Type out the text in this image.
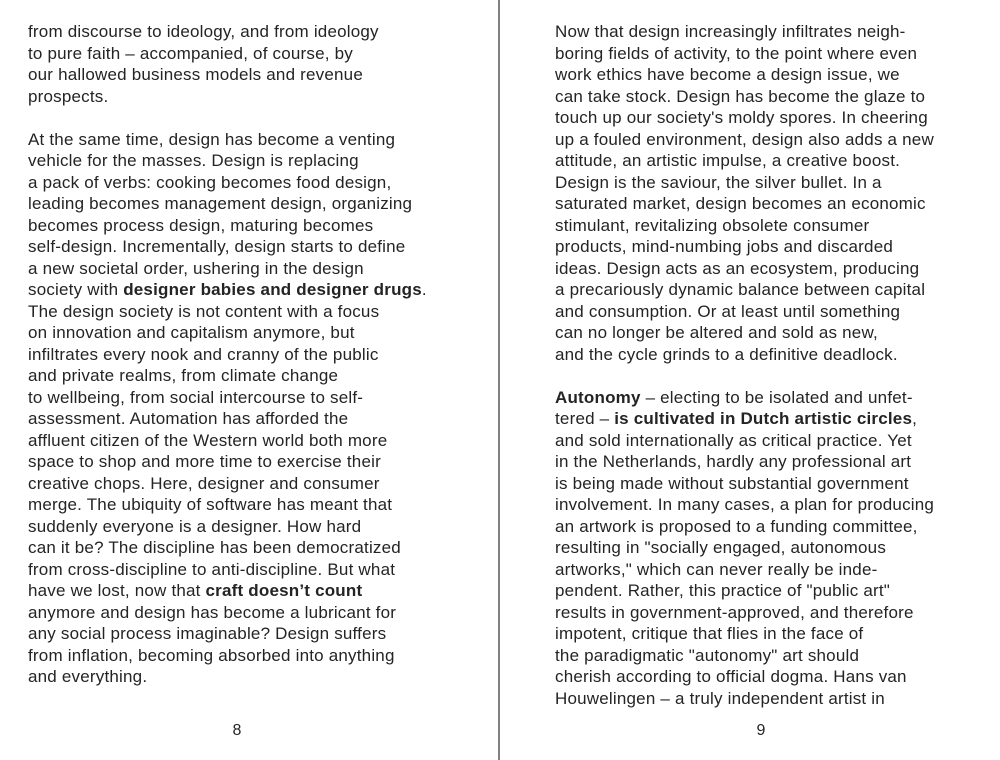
from discourse to ideology, and from ideology
to pure faith – accompanied, of course, by
our hallowed business models and revenue
prospects.

At the same time, design has become a venting
vehicle for the masses. Design is replacing
a pack of verbs: cooking becomes food design,
leading becomes management design, organizing
becomes process design, maturing becomes
self-design. Incrementally, design starts to define
a new societal order, ushering in the design
society with designer babies and designer drugs.
The design society is not content with a focus
on innovation and capitalism anymore, but
infiltrates every nook and cranny of the public
and private realms, from climate change
to wellbeing, from social intercourse to self-
assessment. Automation has afforded the
affluent citizen of the Western world both more
space to shop and more time to exercise their
creative chops. Here, designer and consumer
merge. The ubiquity of software has meant that
suddenly everyone is a designer. How hard
can it be? The discipline has been democratized
from cross-discipline to anti-discipline. But what
have we lost, now that craft doesn’t count
anymore and design has become a lubricant for
any social process imaginable? Design suffers
from inflation, becoming absorbed into anything
and everything.
8
Now that design increasingly infiltrates neigh-
boring fields of activity, to the point where even
work ethics have become a design issue, we
can take stock. Design has become the glaze to
touch up our society's moldy spores. In cheering
up a fouled environment, design also adds a new
attitude, an artistic impulse, a creative boost.
Design is the saviour, the silver bullet. In a
saturated market, design becomes an economic
stimulant, revitalizing obsolete consumer
products, mind-numbing jobs and discarded
ideas. Design acts as an ecosystem, producing
a precariously dynamic balance between capital
and consumption. Or at least until something
can no longer be altered and sold as new,
and the cycle grinds to a definitive deadlock.

Autonomy – electing to be isolated and unfet-
tered – is cultivated in Dutch artistic circles,
and sold internationally as critical practice. Yet
in the Netherlands, hardly any professional art
is being made without substantial government
involvement. In many cases, a plan for producing
an artwork is proposed to a funding committee,
resulting in "socially engaged, autonomous
artworks," which can never really be inde-
pendent. Rather, this practice of "public art"
results in government-approved, and therefore
impotent, critique that flies in the face of
the paradigmatic "autonomy" art should
cherish according to official dogma. Hans van
Houwelingen – a truly independent artist in
9
